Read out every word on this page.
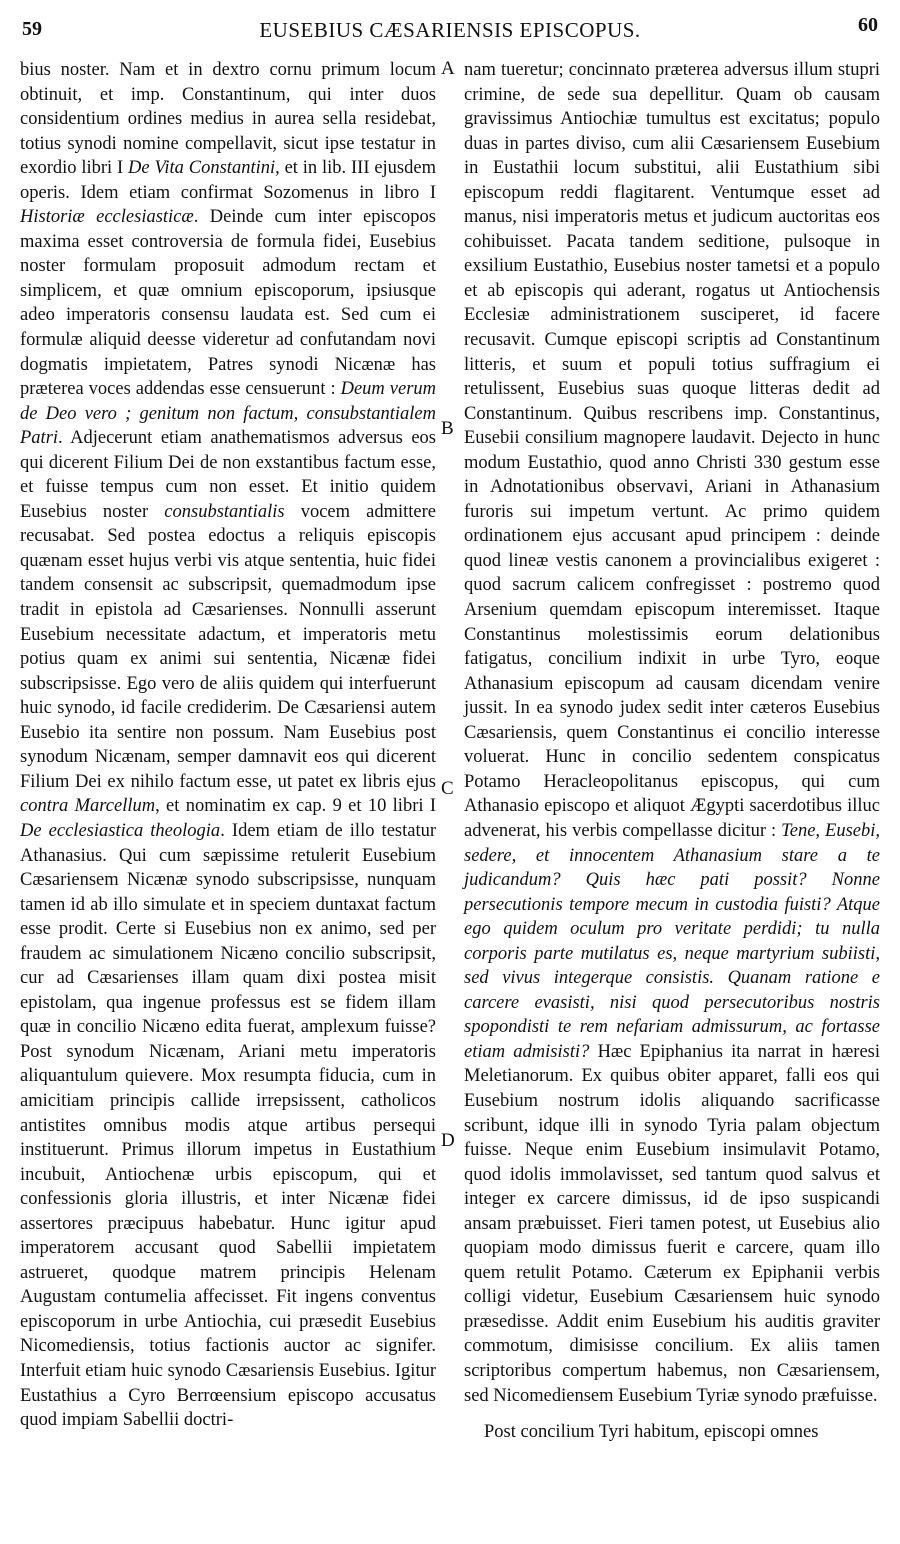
59	EUSEBIUS CÆSARIENSIS EPISCOPUS.	60

bius noster. Nam et in dextro cornu primum locum obtinuit, et imp. Constantinum, qui inter duos considentium ordines medius in aurea sella residebat, totius synodi nomine compellavit, sicut ipse testatur in exordio libri I De Vita Constantini, et in lib. III ejusdem operis. Idem etiam confirmat Sozomenus in libro I Historiæ ecclesiasticæ. Deinde cum inter episcopos maxima esset controversia de formula fidei, Eusebius noster formulam proposuit admodum rectam et simplicem, et quæ omnium episcoporum, ipsiusque adeo imperatoris consensu laudata est. Sed cum ei formulæ aliquid deesse videretur ad confutandam novi dogmatis impietatem, Patres synodi Nicænæ has præterea voces addendas esse censuerunt : Deum verum de Deo vero ; genitum non factum, consubstantialem Patri. Adjecerunt etiam anathematismos adversus eos qui dicerent Filium Dei de non exstantibus factum esse, et fuisse tempus cum non esset. Et initio quidem Eusebius noster consubstantialis vocem admittere recusabat. Sed postea edoctus a reliquis episcopis quænam esset hujus verbi vis atque sententia, huic fidei tandem consensit ac subscripsit, quemadmodum ipse tradit in epistola ad Cæsarienses. Nonnulli asserunt Eusebium necessitate adactum, et imperatoris metu potius quam ex animi sui sententia, Nicænæ fidei subscripsisse. Ego vero de aliis quidem qui interfuerunt huic synodo, id facile crediderim. De Cæsariensi autem Eusebio ita sentire non possum. Nam Eusebius post synodum Nicænam, semper damnavit eos qui dicerent Filium Dei ex nihilo factum esse, ut patet ex libris ejus contra Marcellum, et nominatim ex cap. 9 et 10 libri I De ecclesiastica theologia. Idem etiam de illo testatur Athanasius. Qui cum sæpissime retulerit Eusebium Cæsariensem Nicænæ synodo subscripsisse, nunquam tamen id ab illo simulate et in speciem duntaxat factum esse prodit. Certe si Eusebius non ex animo, sed per fraudem ac simulationem Nicæno concilio subscripsit, cur ad Cæsarienses illam quam dixi postea misit epistolam, qua ingenue professus est se fidem illam quæ in concilio Nicæno edita fuerat, amplexum fuisse? Post synodum Nicænam, Ariani metu imperatoris aliquantulum quievere. Mox resumpta fiducia, cum in amicitiam principis callide irrepsissent, catholicos antistites omnibus modis atque artibus persequi instituerunt. Primus illorum impetus in Eustathium incubuit, Antiochenæ urbis episcopum, qui et confessionis gloria illustris, et inter Nicænæ fidei assertores præcipuus habebatur. Hunc igitur apud imperatorem accusant quod Sabellii impietatem astrueret, quodque matrem principis Helenam Augustam contumelia affecisset. Fit ingens conventus episcoporum in urbe Antiochia, cui præsedit Eusebius Nicomediensis, totius factionis auctor ac signifer. Interfuit etiam huic synodo Cæsariensis Eusebius. Igitur Eustathius a Cyro Berrœensium episcopo accusatus quod impiam Sabellii doctri-

A
B
C
D

nam tueretur; concinnato præterea adversus illum stupri crimine, de sede sua depellitur. Quam ob causam gravissimus Antiochiæ tumultus est excitatus; populo duas in partes diviso, cum alii Cæsariensem Eusebium in Eustathii locum substitui, alii Eustathium sibi episcopum reddi flagitarent. Ventumque esset ad manus, nisi imperatoris metus et judicum auctoritas eos cohibuisset. Pacata tandem seditione, pulsoque in exsilium Eustathio, Eusebius noster tametsi et a populo et ab episcopis qui aderant, rogatus ut Antiochensis Ecclesiæ administrationem susciperet, id facere recusavit. Cumque episcopi scriptis ad Constantinum litteris, et suum et populi totius suffragium ei retulissent, Eusebius suas quoque litteras dedit ad Constantinum. Quibus rescribens imp. Constantinus, Eusebii consilium magnopere laudavit. Dejecto in hunc modum Eustathio, quod anno Christi 330 gestum esse in Adnotationibus observavi, Ariani in Athanasium furoris sui impetum vertunt. Ac primo quidem ordinationem ejus accusant apud principem : deinde quod lineæ vestis canonem a provincialibus exigeret : quod sacrum calicem confregisset : postremo quod Arsenium quemdam episcopum interemisset. Itaque Constantinus molestissimis eorum delationibus fatigatus, concilium indixit in urbe Tyro, eoque Athanasium episcopum ad causam dicendam venire jussit. In ea synodo judex sedit inter cæteros Eusebius Cæsariensis, quem Constantinus ei concilio interesse voluerat. Hunc in concilio sedentem conspicatus Potamo Heracleopolitanus episcopus, qui cum Athanasio episcopo et aliquot Ægypti sacerdotibus illuc advenerat, his verbis compellasse dicitur : Tene, Eusebi, sedere, et innocentem Athanasium stare a te judicandum? Quis hæc pati possit? Nonne persecutionis tempore mecum in custodia fuisti? Atque ego quidem oculum pro veritate perdidi; tu nulla corporis parte mutilatus es, neque martyrium subiisti, sed vivus integerque consistis. Quanam ratione e carcere evasisti, nisi quod persecutoribus nostris spopondisti te rem nefariam admissurum, ac fortasse etiam admisisti? Hæc Epiphanius ita narrat in hæresi Meletianorum. Ex quibus obiter apparet, falli eos qui Eusebium nostrum idolis aliquando sacrificasse scribunt, idque illi in synodo Tyria palam objectum fuisse. Neque enim Eusebium insimulavit Potamo, quod idolis immolavisset, sed tantum quod salvus et integer ex carcere dimissus, id de ipso suspicandi ansam præbuisset. Fieri tamen potest, ut Eusebius alio quopiam modo dimissus fuerit e carcere, quam illo quem retulit Potamo. Cæterum ex Epiphanii verbis colligi videtur, Eusebium Cæsariensem huic synodo præsedisse. Addit enim Eusebium his auditis graviter commotum, dimisisse concilium. Ex aliis tamen scriptoribus compertum habemus, non Cæsariensem, sed Nicomediensem Eusebium Tyriæ synodo præfuisse.

Post concilium Tyri habitum, episcopi omnes
